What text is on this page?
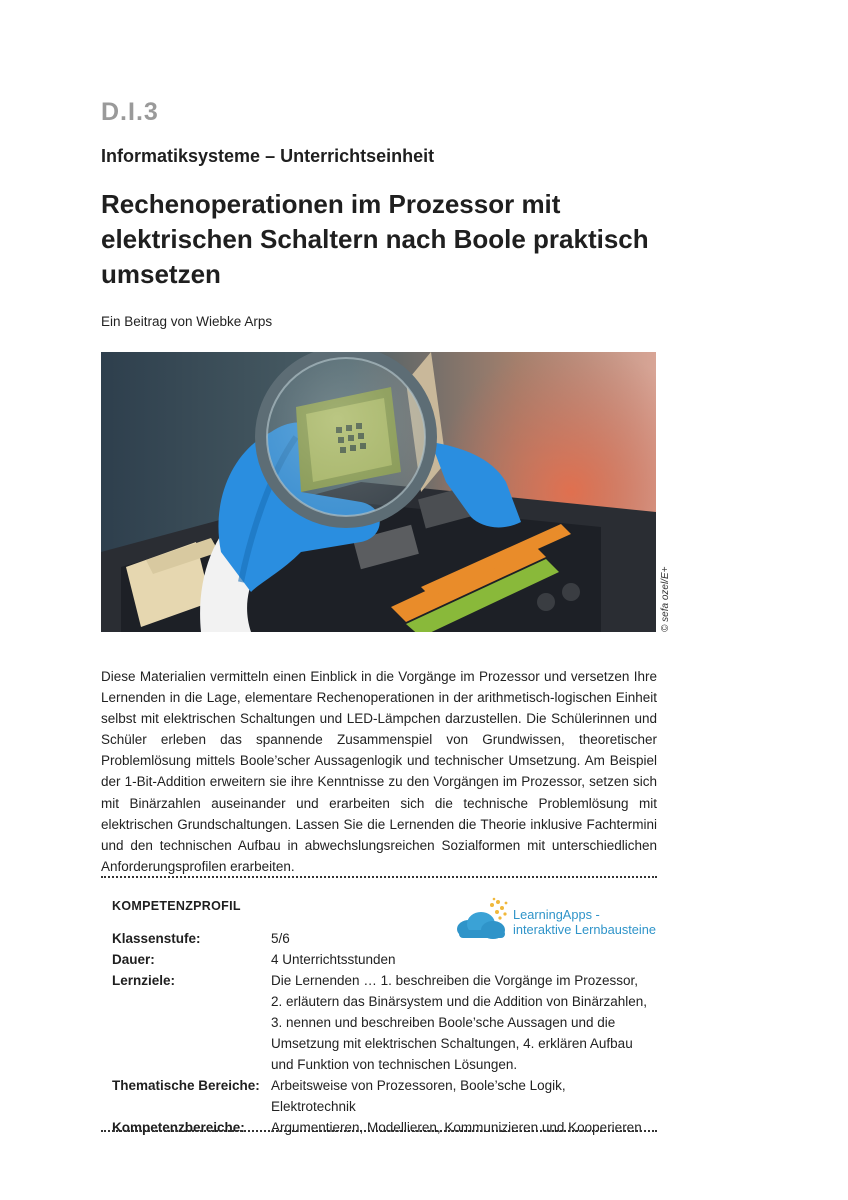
D.I.3
Informatiksysteme – Unterrichtseinheit
Rechenoperationen im Prozessor mit elektrischen Schaltern nach Boole praktisch umsetzen
Ein Beitrag von Wiebke Arps
© sefa ozel/E+
Diese Materialien vermitteln einen Einblick in die Vorgänge im Prozessor und versetzen Ihre Lernenden in die Lage, elementare Rechenoperationen in der arithmetisch-logischen Einheit selbst mit elektrischen Schaltungen und LED-Lämpchen darzustellen. Die Schülerinnen und Schüler erleben das spannende Zusammenspiel von Grundwissen, theoretischer Problemlösung mittels Boole’scher Aussagenlogik und technischer Umsetzung. Am Beispiel der 1-Bit-Addition erweitern sie ihre Kenntnisse zu den Vorgängen im Prozessor, setzen sich mit Binärzahlen auseinander und erarbeiten sich die technische Problemlösung mit elektrischen Grundschaltungen. Lassen Sie die Lernenden die Theorie inklusive Fachtermini und den technischen Aufbau in abwechslungsreichen Sozialformen mit unterschiedlichen Anforderungsprofilen erarbeiten.
KOMPETENZPROFIL
LearningApps -
interaktive Lernbausteine
Klassenstufe:	5/6
Dauer:	4 Unterrichtsstunden
Lernziele:	Die Lernenden … 1. beschreiben die Vorgänge im Prozessor, 2. erläutern das Binärsystem und die Addition von Binärzahlen, 3. nennen und beschreiben Boole’sche Aussagen und die Umsetzung mit elektrischen Schaltungen, 4. erklären Aufbau und Funktion von technischen Lösungen.
Thematische Bereiche: Arbeitsweise von Prozessoren, Boole’sche Logik, Elektrotechnik
Kompetenzbereiche:	Argumentieren, Modellieren, Kommunizieren und Kooperieren
